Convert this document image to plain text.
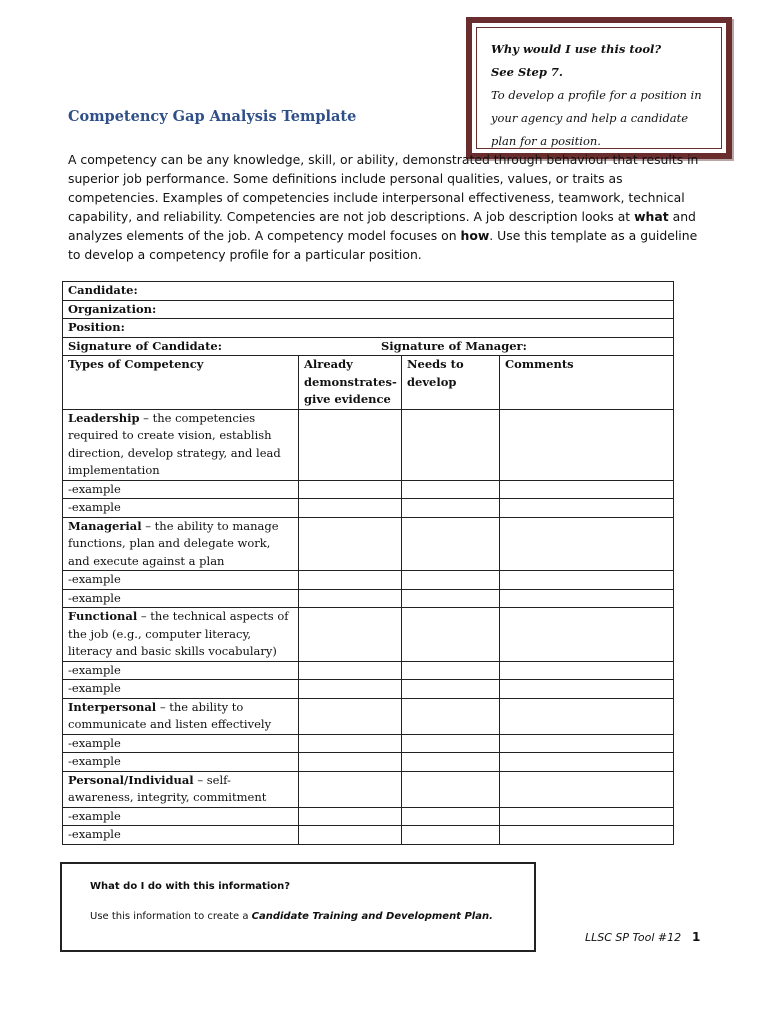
Why would I use this tool?
See Step 7.
To develop a profile for a position in your agency and help a candidate plan for a position.
Competency Gap Analysis Template
A competency can be any knowledge, skill, or ability, demonstrated through behaviour that results in superior job performance. Some definitions include personal qualities, values, or traits as competencies. Examples of competencies include interpersonal effectiveness, teamwork, technical capability, and reliability. Competencies are not job descriptions. A job description looks at what and analyzes elements of the job. A competency model focuses on how. Use this template as a guideline to develop a competency profile for a particular position.
Candidate:			
Organization:			
Position:			
Signature of Candidate: Signature of Manager:			

Types of Competency	Already demonstrates- give evidence	Needs to develop	Comments
Leadership – the competencies required to create vision, establish direction, develop strategy, and lead implementation			
-example			
-example			
Managerial – the ability to manage functions, plan and delegate work, and execute against a plan			
-example			
-example			
Functional – the technical aspects of the job (e.g., computer literacy, literacy and basic skills vocabulary)			
-example			
-example			
Interpersonal – the ability to communicate and listen effectively			
-example			
-example			
Personal/Individual – self-awareness, integrity, commitment			
-example			
-example			
What do I do with this information?
Use this information to create a Candidate Training and Development Plan.
LLSC SP Tool #12 1
